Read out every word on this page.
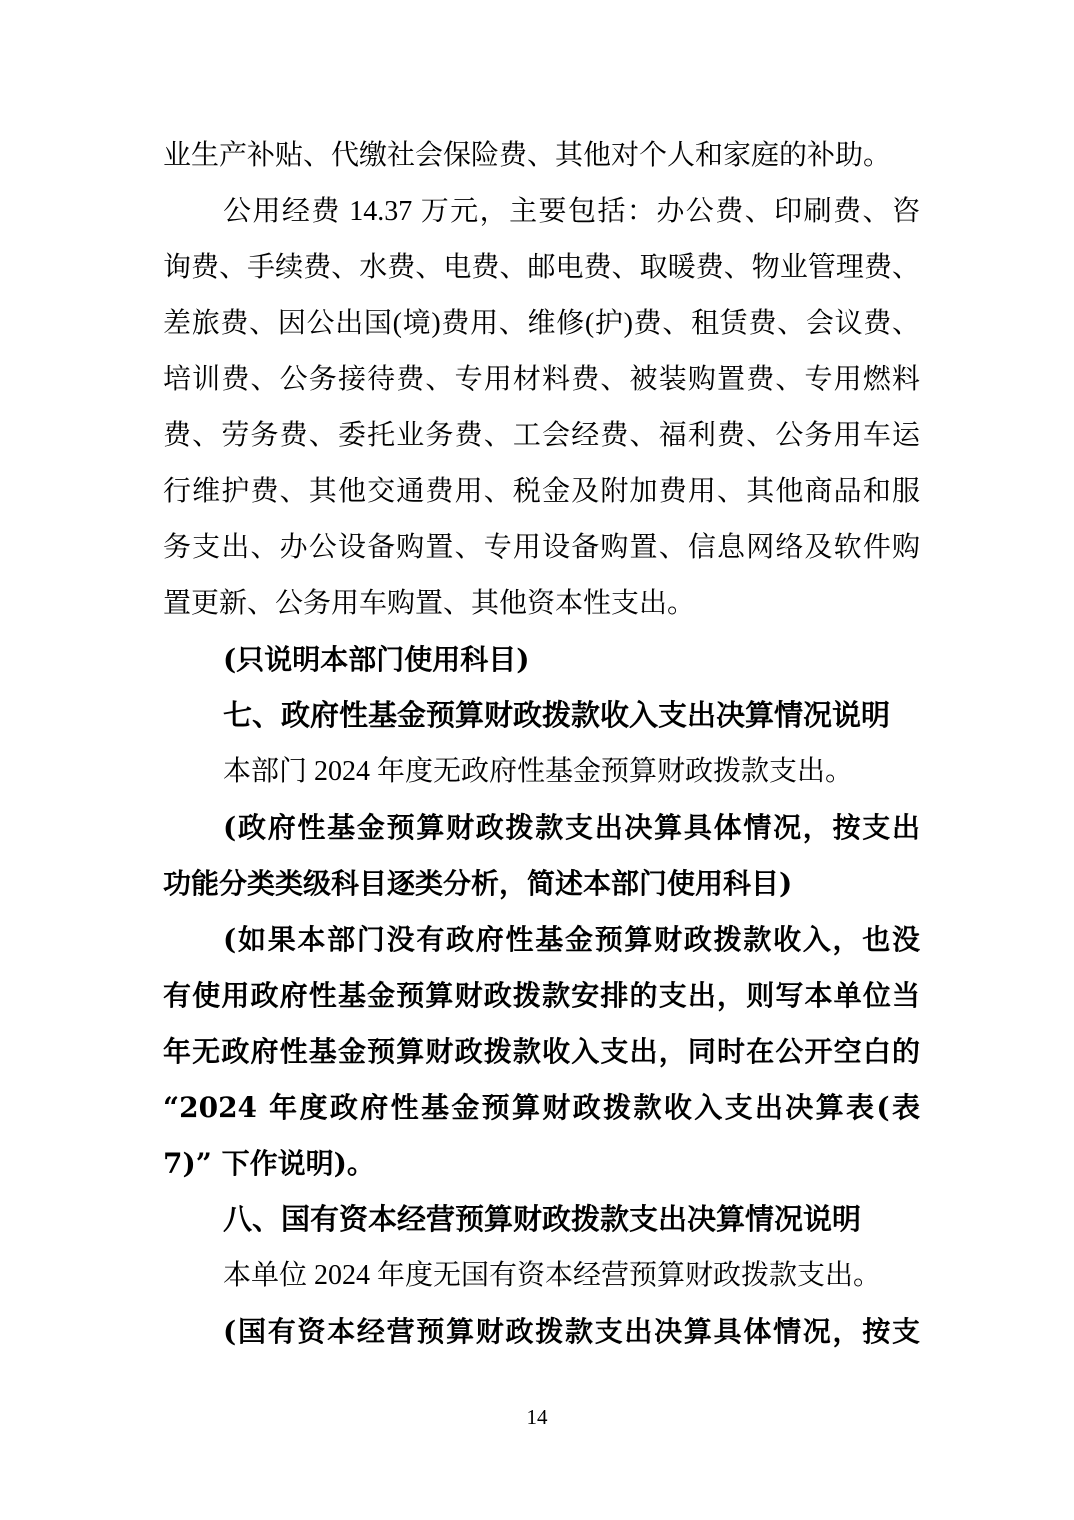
业生产补贴、代缴社会保险费、其他对个人和家庭的补助。
公用经费 14.37 万元，主要包括：办公费、印刷费、咨
询费、手续费、水费、电费、邮电费、取暖费、物业管理费、
差旅费、因公出国(境)费用、维修(护)费、租赁费、会议费、
培训费、公务接待费、专用材料费、被装购置费、专用燃料
费、劳务费、委托业务费、工会经费、福利费、公务用车运
行维护费、其他交通费用、税金及附加费用、其他商品和服
务支出、办公设备购置、专用设备购置、信息网络及软件购
置更新、公务用车购置、其他资本性支出。
(只说明本部门使用科目)
七、政府性基金预算财政拨款收入支出决算情况说明
本部门 2024 年度无政府性基金预算财政拨款支出。
(政府性基金预算财政拨款支出决算具体情况，按支出
功能分类类级科目逐类分析，简述本部门使用科目)
(如果本部门没有政府性基金预算财政拨款收入，也没
有使用政府性基金预算财政拨款安排的支出，则写本单位当
年无政府性基金预算财政拨款收入支出，同时在公开空白的
“2024 年度政府性基金预算财政拨款收入支出决算表(表
7)” 下作说明)。
八、国有资本经营预算财政拨款支出决算情况说明
本单位 2024 年度无国有资本经营预算财政拨款支出。
(国有资本经营预算财政拨款支出决算具体情况，按支
14
